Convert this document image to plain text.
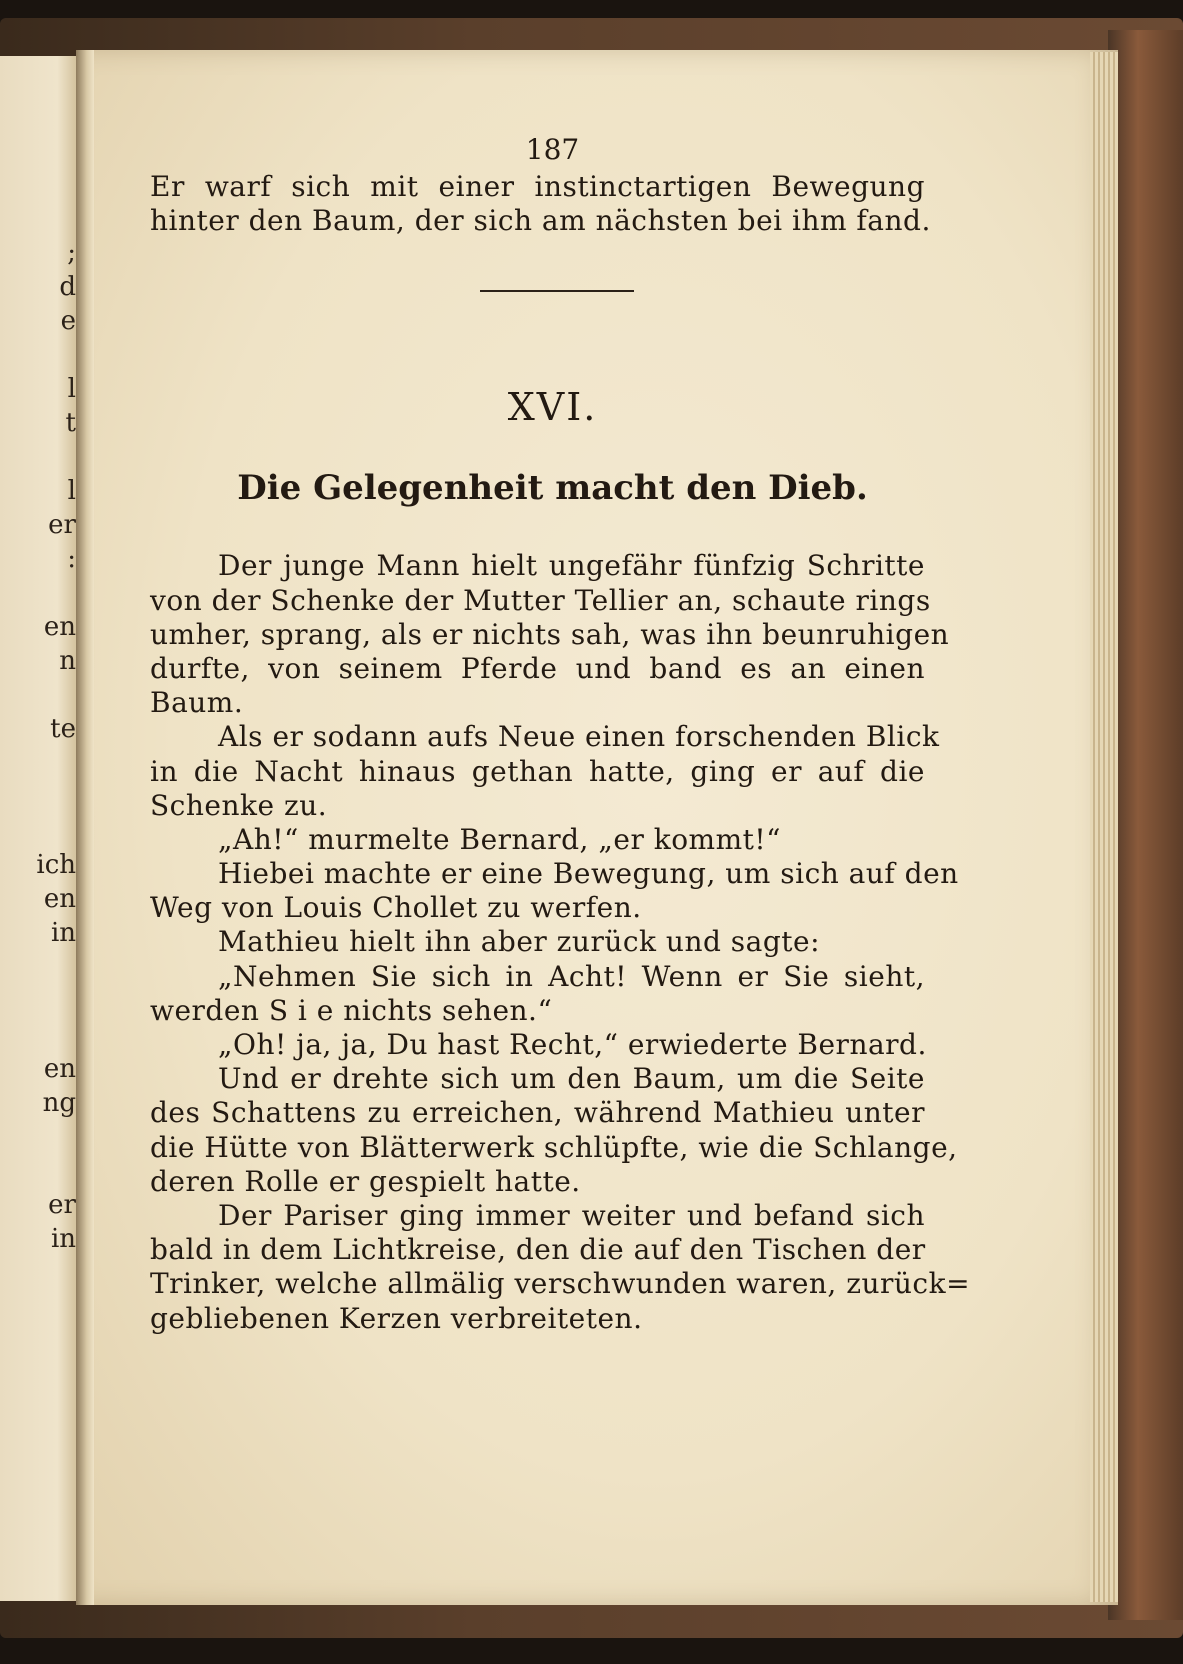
;
d
e
l
t
l
er
:
en
n
te
ich
en
in
en
ng
er
in
187
Er warf sich mit einer instinctartigen Bewegung
hinter den Baum, der sich am nächsten bei ihm fand.
XVI.
Die Gelegenheit macht den Dieb.
Der junge Mann hielt ungefähr fünfzig Schritte
von der Schenke der Mutter Tellier an, schaute rings
umher, sprang, als er nichts sah, was ihn beunruhigen
durfte, von seinem Pferde und band es an einen
Baum.
Als er sodann aufs Neue einen forschenden Blick
in die Nacht hinaus gethan hatte, ging er auf die
Schenke zu.
„Ah!“ murmelte Bernard, „er kommt!“
Hiebei machte er eine Bewegung, um sich auf den
Weg von Louis Chollet zu werfen.
Mathieu hielt ihn aber zurück und sagte:
„Nehmen Sie sich in Acht! Wenn er Sie sieht,
werden S i e nichts sehen.“
„Oh! ja, ja, Du hast Recht,“ erwiederte Bernard.
Und er drehte sich um den Baum, um die Seite
des Schattens zu erreichen, während Mathieu unter
die Hütte von Blätterwerk schlüpfte, wie die Schlange,
deren Rolle er gespielt hatte.
Der Pariser ging immer weiter und befand sich
bald in dem Lichtkreise, den die auf den Tischen der
Trinker, welche allmälig verschwunden waren, zurück=
gebliebenen Kerzen verbreiteten.
